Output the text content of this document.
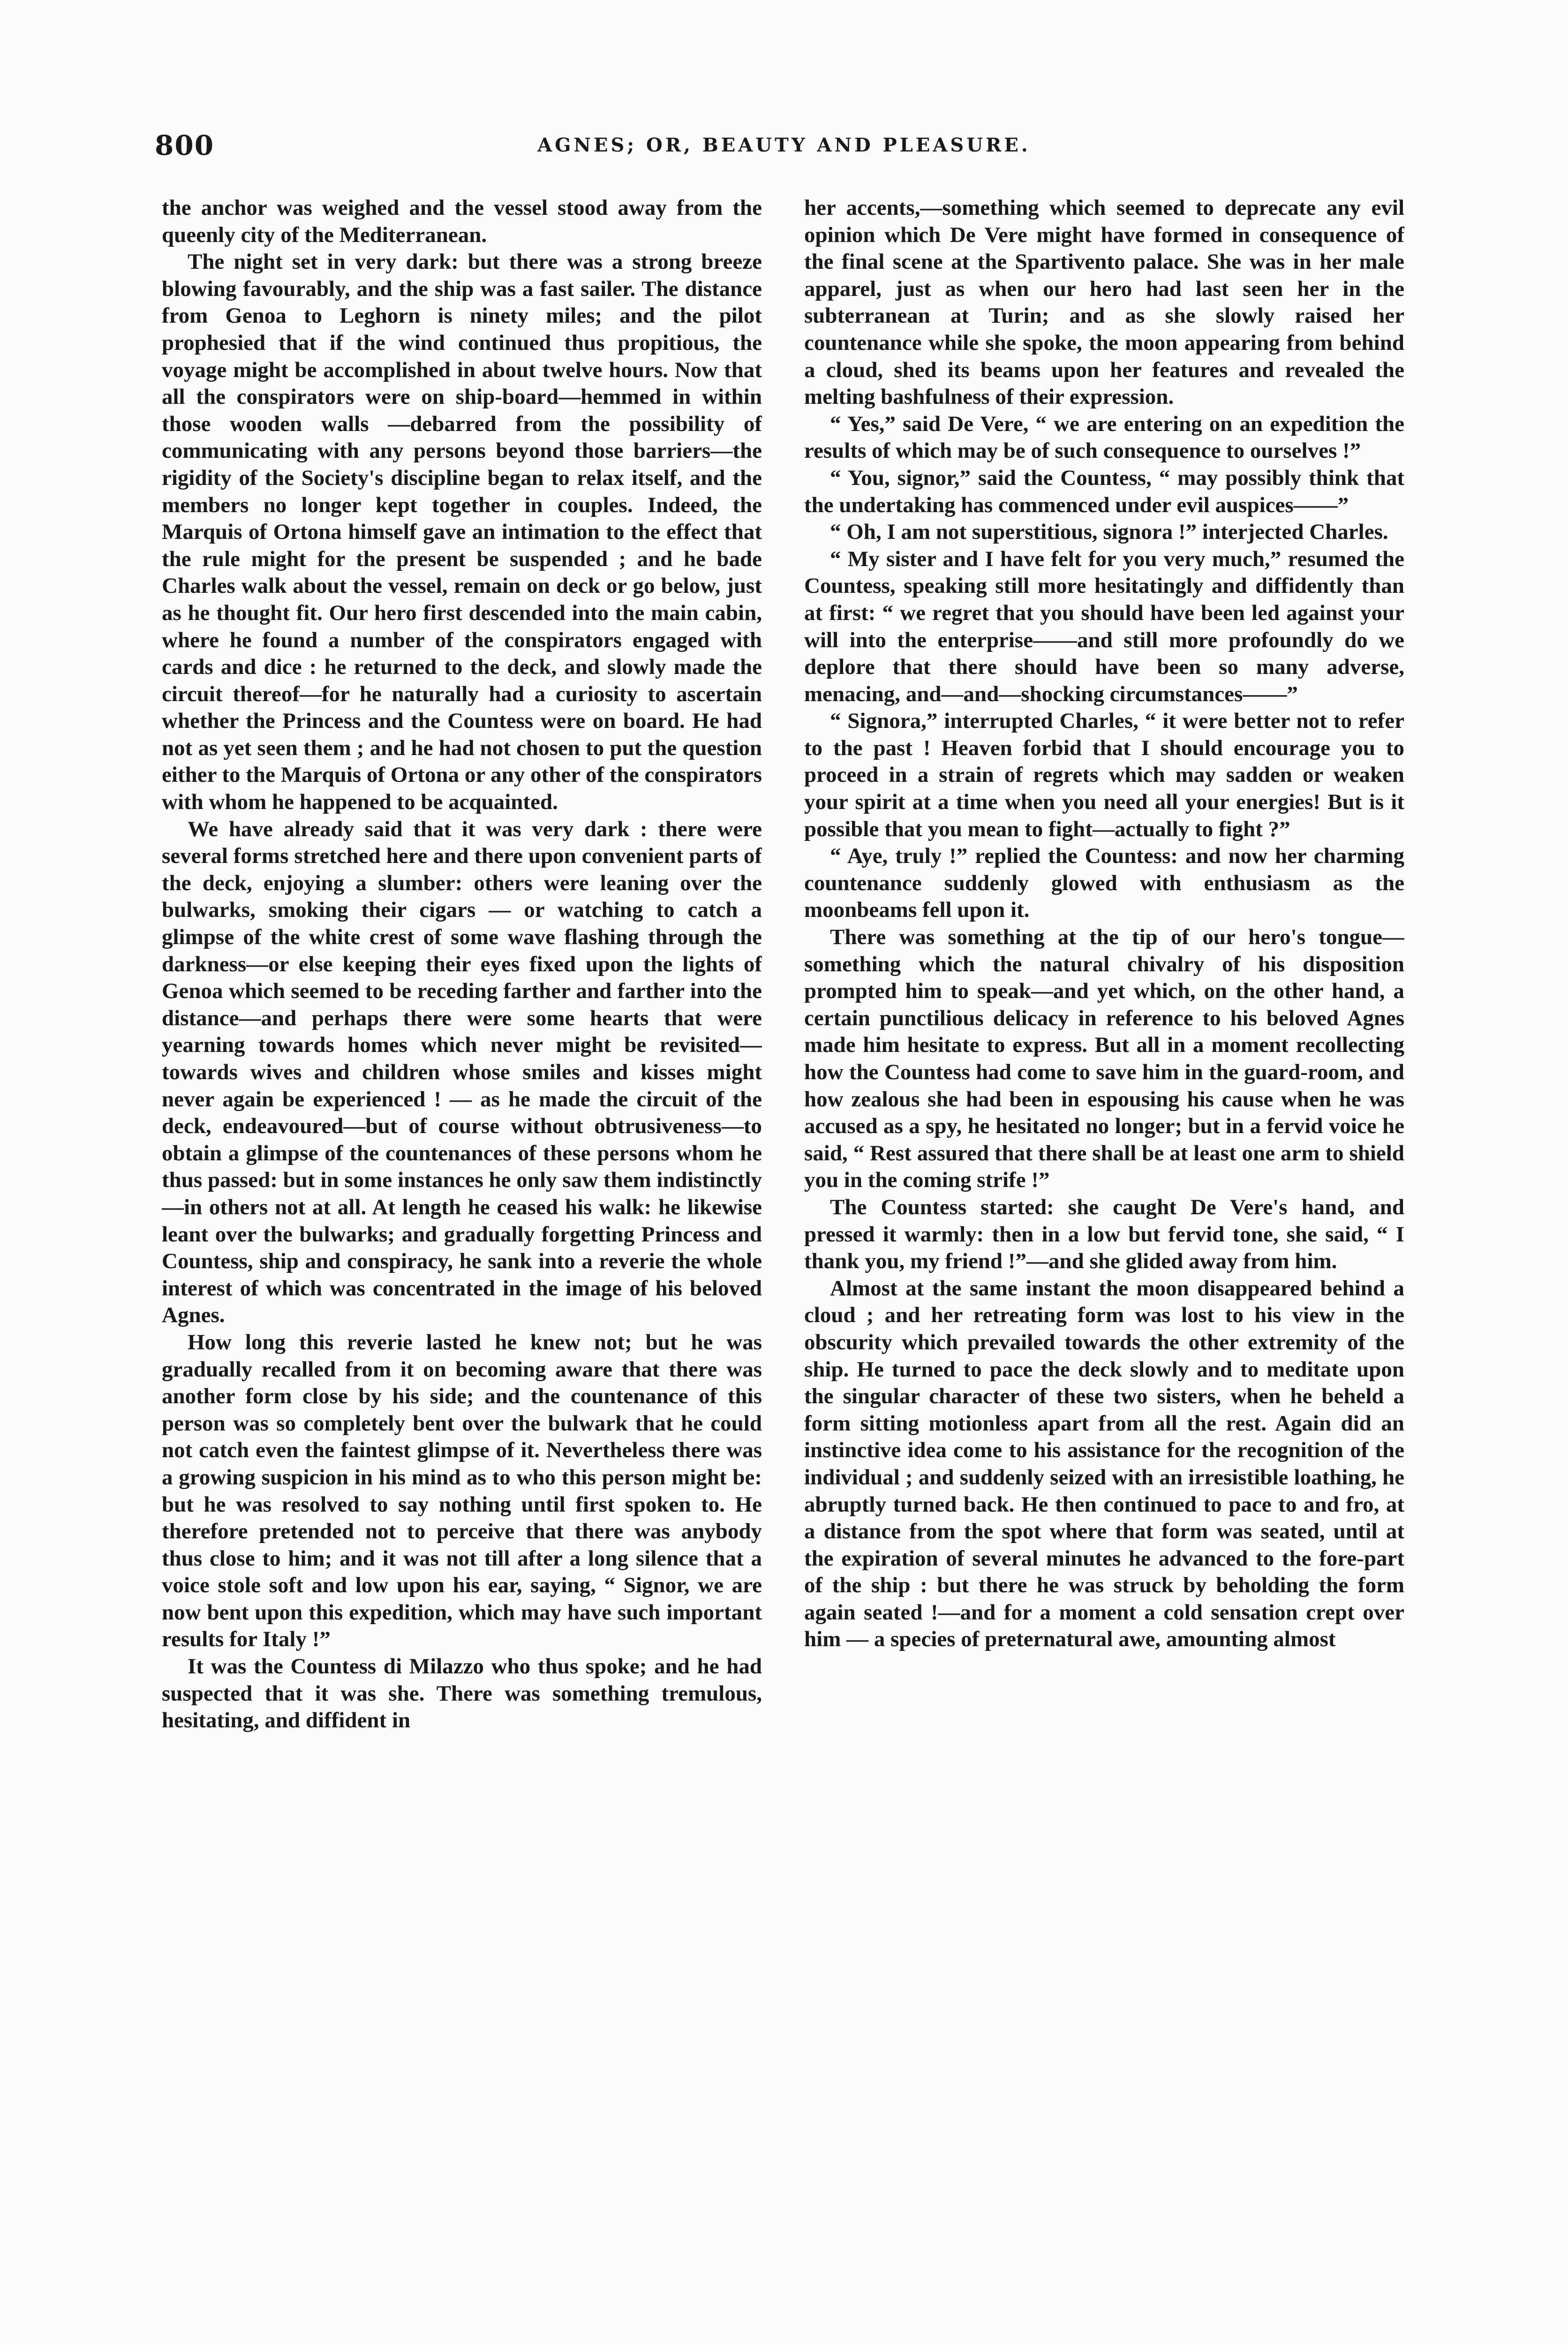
800	AGNES; OR, BEAUTY AND PLEASURE.

the anchor was weighed and the vessel stood away from the queenly city of the Mediterranean.

The night set in very dark: but there was a strong breeze blowing favourably, and the ship was a fast sailer. The distance from Genoa to Leghorn is ninety miles; and the pilot prophesied that if the wind continued thus propitious, the voyage might be accomplished in about twelve hours. Now that all the conspirators were on ship-board—hemmed in within those wooden walls —debarred from the possibility of communicating with any persons beyond those barriers—the rigidity of the Society's discipline began to relax itself, and the members no longer kept together in couples. Indeed, the Marquis of Ortona himself gave an intimation to the effect that the rule might for the present be suspended ; and he bade Charles walk about the vessel, remain on deck or go below, just as he thought fit. Our hero first descended into the main cabin, where he found a number of the conspirators engaged with cards and dice : he returned to the deck, and slowly made the circuit thereof—for he naturally had a curiosity to ascertain whether the Princess and the Countess were on board. He had not as yet seen them ; and he had not chosen to put the question either to the Marquis of Ortona or any other of the conspirators with whom he happened to be acquainted.

We have already said that it was very dark : there were several forms stretched here and there upon convenient parts of the deck, enjoying a slumber: others were leaning over the bulwarks, smoking their cigars — or watching to catch a glimpse of the white crest of some wave flashing through the darkness—or else keeping their eyes fixed upon the lights of Genoa which seemed to be receding farther and farther into the distance—and perhaps there were some hearts that were yearning towards homes which never might be revisited—towards wives and children whose smiles and kisses might never again be experienced ! — as he made the circuit of the deck, endeavoured—but of course without obtrusiveness—to obtain a glimpse of the countenances of these persons whom he thus passed: but in some instances he only saw them indistinctly—in others not at all. At length he ceased his walk: he likewise leant over the bulwarks; and gradually forgetting Princess and Countess, ship and conspiracy, he sank into a reverie the whole interest of which was concentrated in the image of his beloved Agnes.

How long this reverie lasted he knew not; but he was gradually recalled from it on becoming aware that there was another form close by his side; and the countenance of this person was so completely bent over the bulwark that he could not catch even the faintest glimpse of it. Nevertheless there was a growing suspicion in his mind as to who this person might be: but he was resolved to say nothing until first spoken to. He therefore pretended not to perceive that there was anybody thus close to him; and it was not till after a long silence that a voice stole soft and low upon his ear, saying, “ Signor, we are now bent upon this expedition, which may have such important results for Italy !”

It was the Countess di Milazzo who thus spoke; and he had suspected that it was she. There was something tremulous, hesitating, and diffident in

her accents,—something which seemed to deprecate any evil opinion which De Vere might have formed in consequence of the final scene at the Spartivento palace. She was in her male apparel, just as when our hero had last seen her in the subterranean at Turin; and as she slowly raised her countenance while she spoke, the moon appearing from behind a cloud, shed its beams upon her features and revealed the melting bashfulness of their expression.

“ Yes,” said De Vere, “ we are entering on an expedition the results of which may be of such consequence to ourselves !”

“ You, signor,” said the Countess, “ may possibly think that the undertaking has commenced under evil auspices——”

“ Oh, I am not superstitious, signora !” interjected Charles.

“ My sister and I have felt for you very much,” resumed the Countess, speaking still more hesitatingly and diffidently than at first: “ we regret that you should have been led against your will into the enterprise——and still more profoundly do we deplore that there should have been so many adverse, menacing, and—and—shocking circumstances——”

“ Signora,” interrupted Charles, “ it were better not to refer to the past ! Heaven forbid that I should encourage you to proceed in a strain of regrets which may sadden or weaken your spirit at a time when you need all your energies! But is it possible that you mean to fight—actually to fight ?”

“ Aye, truly !” replied the Countess: and now her charming countenance suddenly glowed with enthusiasm as the moonbeams fell upon it.

There was something at the tip of our hero's tongue—something which the natural chivalry of his disposition prompted him to speak—and yet which, on the other hand, a certain punctilious delicacy in reference to his beloved Agnes made him hesitate to express. But all in a moment recollecting how the Countess had come to save him in the guard-room, and how zealous she had been in espousing his cause when he was accused as a spy, he hesitated no longer; but in a fervid voice he said, “ Rest assured that there shall be at least one arm to shield you in the coming strife !”

The Countess started: she caught De Vere's hand, and pressed it warmly: then in a low but fervid tone, she said, “ I thank you, my friend !”—and she glided away from him.

Almost at the same instant the moon disappeared behind a cloud ; and her retreating form was lost to his view in the obscurity which prevailed towards the other extremity of the ship. He turned to pace the deck slowly and to meditate upon the singular character of these two sisters, when he beheld a form sitting motionless apart from all the rest. Again did an instinctive idea come to his assistance for the recognition of the individual ; and suddenly seized with an irresistible loathing, he abruptly turned back. He then continued to pace to and fro, at a distance from the spot where that form was seated, until at the expiration of several minutes he advanced to the fore-part of the ship : but there he was struck by beholding the form again seated !—and for a moment a cold sensation crept over him — a species of preternatural awe, amounting almost
